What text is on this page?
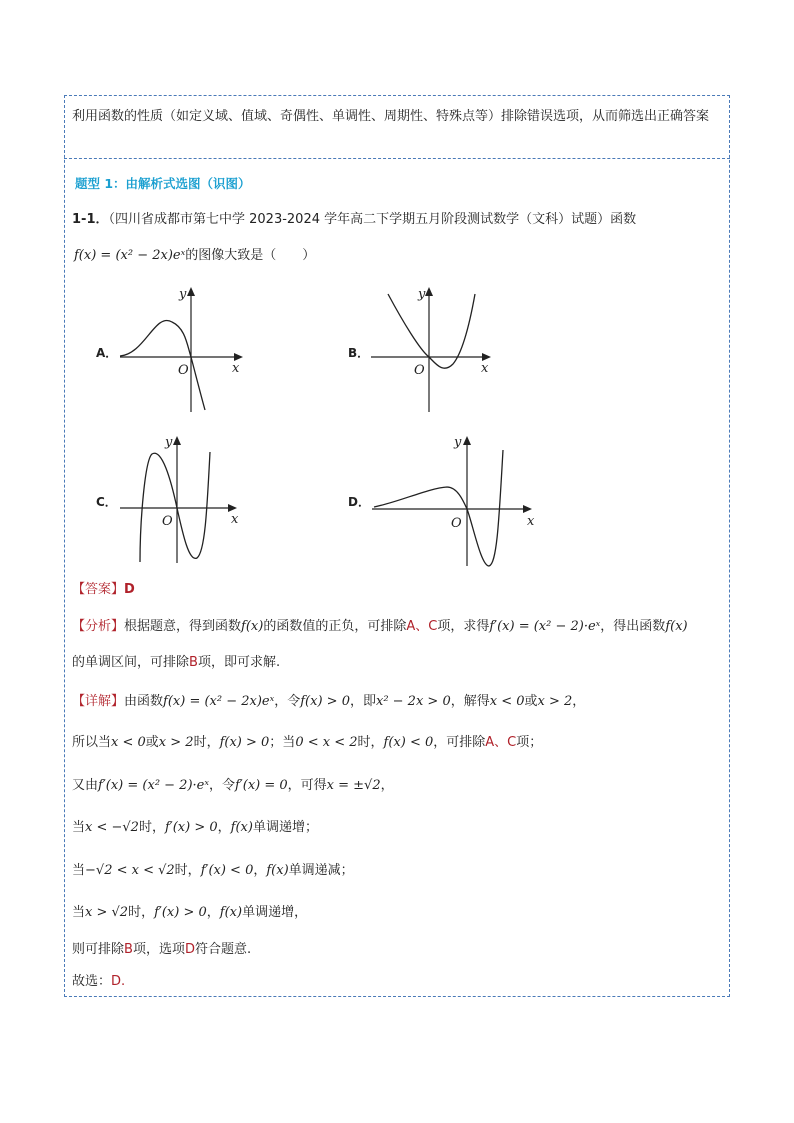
利用函数的性质（如定义域、值域、奇偶性、单调性、周期性、特殊点等）排除错误选项，从而筛选出正确答案
题型 1：由解析式选图（识图）
1-1．（四川省成都市第七中学 2023-2024 学年高二下学期五月阶段测试数学（文科）试题）函数
f(x) = (x² − 2x)eˣ的图像大致是（　　）
A．
O	x
y
B．
O	x
y
C．
O	x
y
D．
O	x
y
【答案】D
【分析】根据题意，得到函数f(x)的函数值的正负，可排除A、C项，求得f′(x) = (x² − 2)·eˣ，得出函数f(x)
的单调区间，可排除B项，即可求解.
【详解】由函数f(x) = (x² − 2x)eˣ，令f(x) > 0，即x² − 2x > 0，解得x < 0或x > 2，
所以当x < 0或x > 2时，f(x) > 0；当0 < x < 2时，f(x) < 0，可排除A、C项；
又由f′(x) = (x² − 2)·eˣ，令f′(x) = 0，可得x = ±√2，
当x < −√2时，f′(x) > 0，f(x)单调递增；
当−√2 < x < √2时，f′(x) < 0，f(x)单调递减；
当x > √2时，f′(x) > 0，f(x)单调递增，
则可排除B项，选项D符合题意.
故选：D.
